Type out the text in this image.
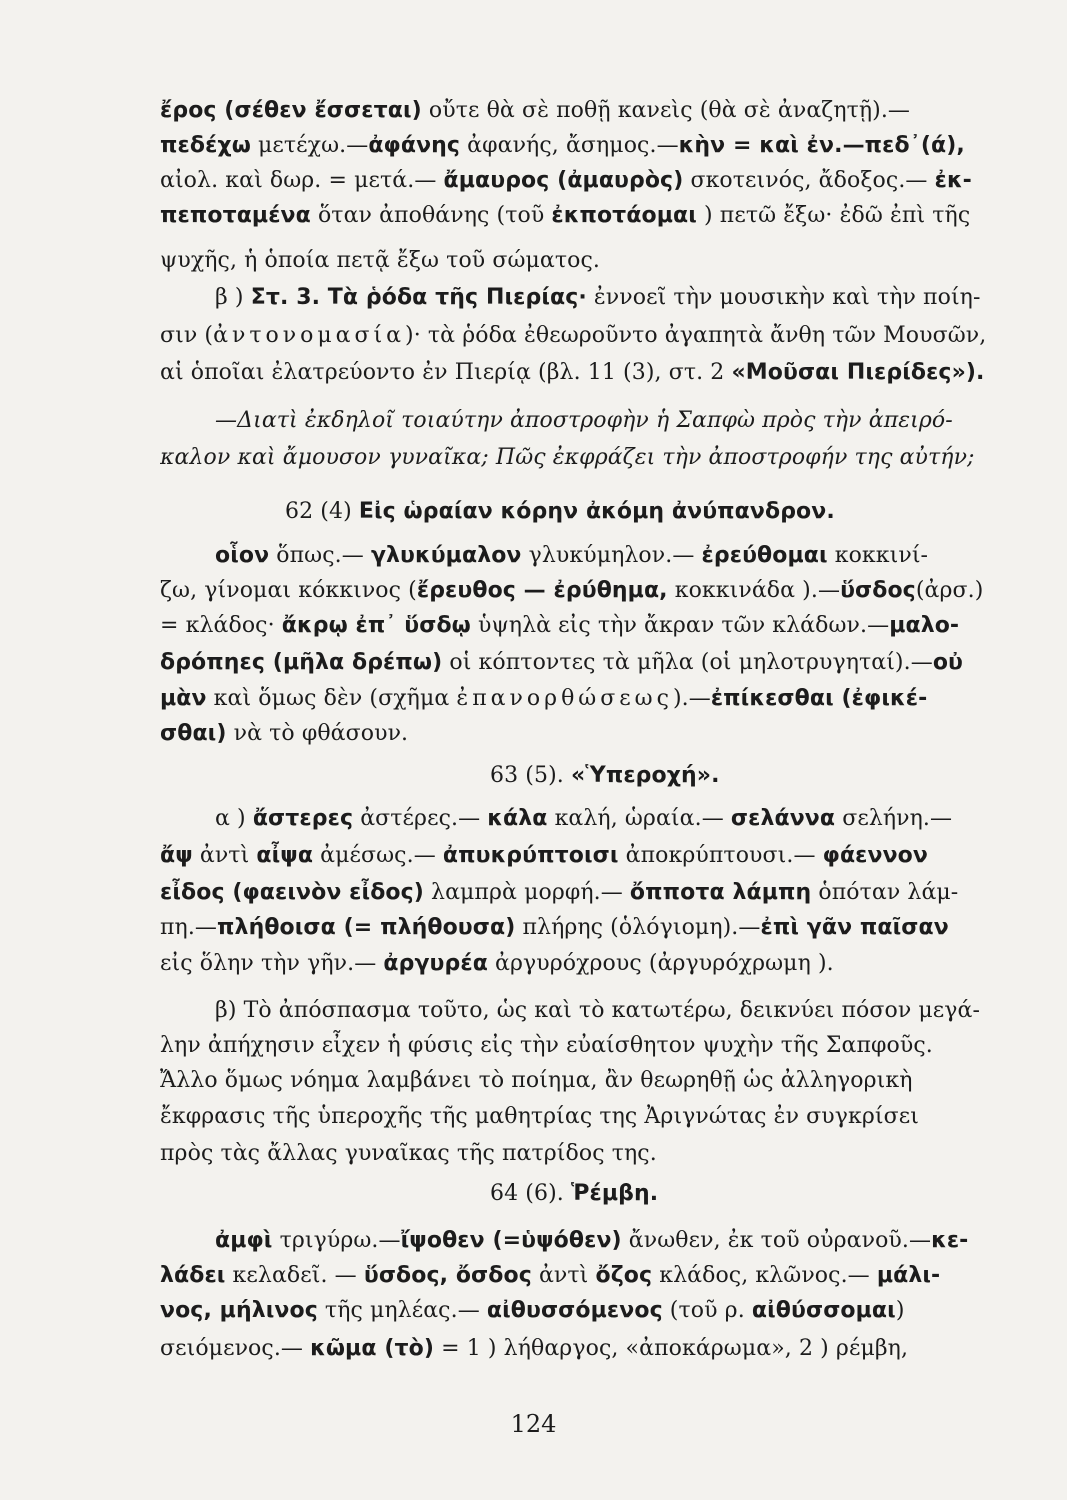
ἔρος (σέθεν ἔσσεται) οὔτε θὰ σὲ ποθῇ κανεὶς (θὰ σὲ ἀναζητῇ).—
πεδέχω μετέχω.—ἀφάνης ἀφανής, ἄσημος.—κὴν = καὶ ἐν.—πεδ᾽(ά),
αἰολ. καὶ δωρ. = μετά.— ἄμαυρος (ἀμαυρὸς) σκοτεινός, ἄδοξος.— ἐκ-
πεποταμένα ὅταν ἀποθάνης (τοῦ ἐκποτάομαι ) πετῶ ἔξω· ἐδῶ ἐπὶ τῆς
ψυχῆς, ἡ ὁποία πετᾷ ἔξω τοῦ σώματος.
β ) Στ. 3. Τὰ ῥόδα τῆς Πιερίας· ἐννοεῖ τὴν μουσικὴν καὶ τὴν ποίη-
σιν (ἀντονομασία)· τὰ ῥόδα ἐθεωροῦντο ἀγαπητὰ ἄνθη τῶν Μουσῶν,
αἱ ὁποῖαι ἐλατρεύοντο ἐν Πιερίᾳ (βλ. 11 (3), στ. 2 «Μοῦσαι Πιερίδες»).
—Διατὶ ἐκδηλοῖ τοιαύτην ἀποστροφὴν ἡ Σαπφὼ πρὸς τὴν ἀπειρό-
καλον καὶ ἄμουσον γυναῖκα; Πῶς ἐκφράζει τὴν ἀποστροφήν της αὐτήν;
62 (4) Εἰς ὡραίαν κόρην ἀκόμη ἀνύπανδρον.
οἷον ὅπως.— γλυκύμαλον γλυκύμηλον.— ἐρεύθομαι κοκκινί-
ζω, γίνομαι κόκκινος (ἔρευθος — ἐρύθημα, κοκκινάδα ).—ὕσδος(ἀρσ.)
= κλάδος· ἄκρῳ ἐπ᾽ ὕσδῳ ὑψηλὰ εἰς τὴν ἄκραν τῶν κλάδων.—μαλο-
δρόπηες (μῆλα δρέπω) οἱ κόπτοντες τὰ μῆλα (οἱ μηλοτρυγηταί).—οὐ
μὰν καὶ ὅμως δὲν (σχῆμα ἐπανορθώσεως).—ἐπίκεσθαι (ἐφικέ-
σθαι) νὰ τὸ φθάσουν.
63 (5). «Ὑπεροχή».
α ) ἄστερες ἀστέρες.— κάλα καλή, ὡραία.— σελάννα σελήνη.—
ἄψ ἀντὶ αἶψα ἀμέσως.— ἀπυκρύπτοισι ἀποκρύπτουσι.— φάεννον
εἶδος (φαεινὸν εἶδος) λαμπρὰ μορφή.— ὄπποτα λάμπη ὁπόταν λάμ-
πη.—πλήθοισα (= πλήθουσα) πλήρης (ὁλόγιομη).—ἐπὶ γᾶν παῖσαν
εἰς ὅλην τὴν γῆν.— ἀργυρέα ἀργυρόχρους (ἀργυρόχρωμη ).
β) Τὸ ἀπόσπασμα τοῦτο, ὡς καὶ τὸ κατωτέρω, δεικνύει πόσον μεγά-
λην ἀπήχησιν εἶχεν ἡ φύσις εἰς τὴν εὐαίσθητον ψυχὴν τῆς Σαπφοῦς.
Ἄλλο ὅμως νόημα λαμβάνει τὸ ποίημα, ἂν θεωρηθῇ ὡς ἀλληγορικὴ
ἔκφρασις τῆς ὑπεροχῆς τῆς μαθητρίας της Ἀριγνώτας ἐν συγκρίσει
πρὸς τὰς ἄλλας γυναῖκας τῆς πατρίδος της.
64 (6). Ῥέμβη.
ἀμφὶ τριγύρω.—ἴψοθεν (=ὑψόθεν) ἄνωθεν, ἐκ τοῦ οὐρανοῦ.—κε-
λάδει κελαδεῖ. — ὕσδος, ὄσδος ἀντὶ ὄζος κλάδος, κλῶνος.— μάλι-
νος, μήλινος τῆς μηλέας.— αἰθυσσόμενος (τοῦ ρ. αἰθύσσομαι)
σειόμενος.— κῶμα (τὸ) = 1 ) λήθαργος, «ἀποκάρωμα», 2 ) ρέμβη,
124
